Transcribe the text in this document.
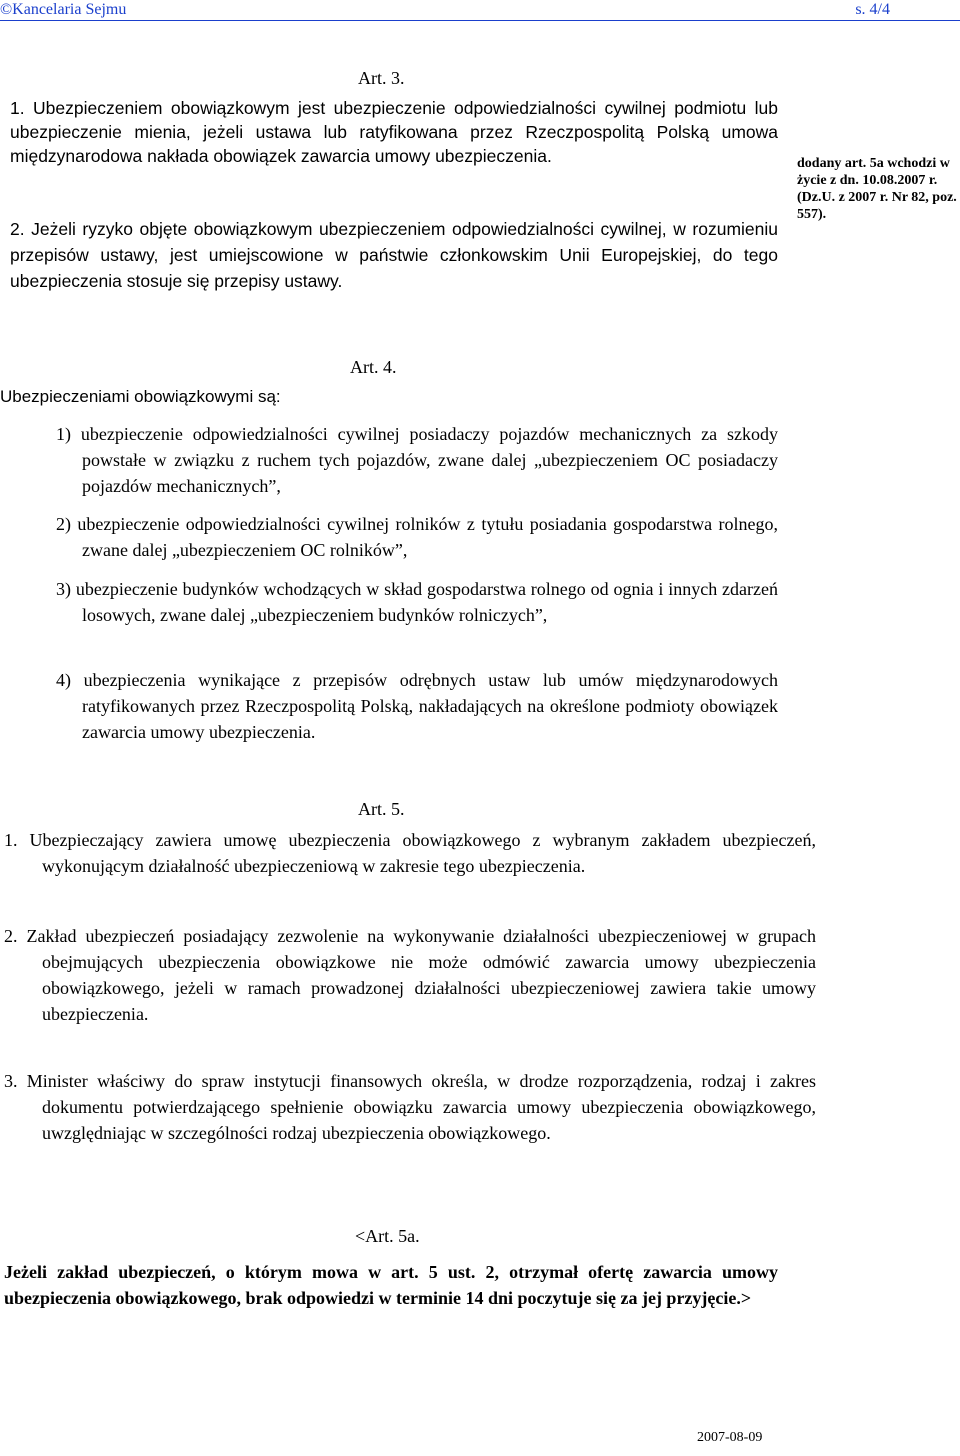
©Kancelaria Sejmu	s. 4/4
Art. 3.
1. Ubezpieczeniem obowiązkowym jest ubezpieczenie odpowiedzialności cywilnej podmiotu lub ubezpieczenie mienia, jeżeli ustawa lub ratyfikowana przez Rzeczpospolitą Polską umowa międzynarodowa nakłada obowiązek zawarcia umowy ubezpieczenia.
2. Jeżeli ryzyko objęte obowiązkowym ubezpieczeniem odpowiedzialności cywilnej, w rozumieniu przepisów ustawy, jest umiejscowione w państwie członkowskim Unii Europejskiej, do tego ubezpieczenia stosuje się przepisy ustawy.
dodany art. 5a wchodzi w życie z dn. 10.08.2007 r. (Dz.U. z 2007 r. Nr 82, poz. 557).
Art. 4.
Ubezpieczeniami obowiązkowymi są:
1) ubezpieczenie odpowiedzialności cywilnej posiadaczy pojazdów mechanicznych za szkody powstałe w związku z ruchem tych pojazdów, zwane dalej „ubezpieczeniem OC posiadaczy pojazdów mechanicznych”,
2) ubezpieczenie odpowiedzialności cywilnej rolników z tytułu posiadania gospodarstwa rolnego, zwane dalej „ubezpieczeniem OC rolników”,
3) ubezpieczenie budynków wchodzących w skład gospodarstwa rolnego od ognia i innych zdarzeń losowych, zwane dalej „ubezpieczeniem budynków rolniczych”,
4) ubezpieczenia wynikające z przepisów odrębnych ustaw lub umów międzynarodowych ratyfikowanych przez Rzeczpospolitą Polską, nakładających na określone podmioty obowiązek zawarcia umowy ubezpieczenia.
Art. 5.
1. Ubezpieczający zawiera umowę ubezpieczenia obowiązkowego z wybranym zakładem ubezpieczeń, wykonującym działalność ubezpieczeniową w zakresie tego ubezpieczenia.
2. Zakład ubezpieczeń posiadający zezwolenie na wykonywanie działalności ubezpieczeniowej w grupach obejmujących ubezpieczenia obowiązkowe nie może odmówić zawarcia umowy ubezpieczenia obowiązkowego, jeżeli w ramach prowadzonej działalności ubezpieczeniowej zawiera takie umowy ubezpieczenia.
3. Minister właściwy do spraw instytucji finansowych określa, w drodze rozporządzenia, rodzaj i zakres dokumentu potwierdzającego spełnienie obowiązku zawarcia umowy ubezpieczenia obowiązkowego, uwzględniając w szczególności rodzaj ubezpieczenia obowiązkowego.
<Art. 5a.
Jeżeli zakład ubezpieczeń, o którym mowa w art. 5 ust. 2, otrzymał ofertę zawarcia umowy ubezpieczenia obowiązkowego, brak odpowiedzi w terminie 14 dni poczytuje się za jej przyjęcie.>
2007-08-09
